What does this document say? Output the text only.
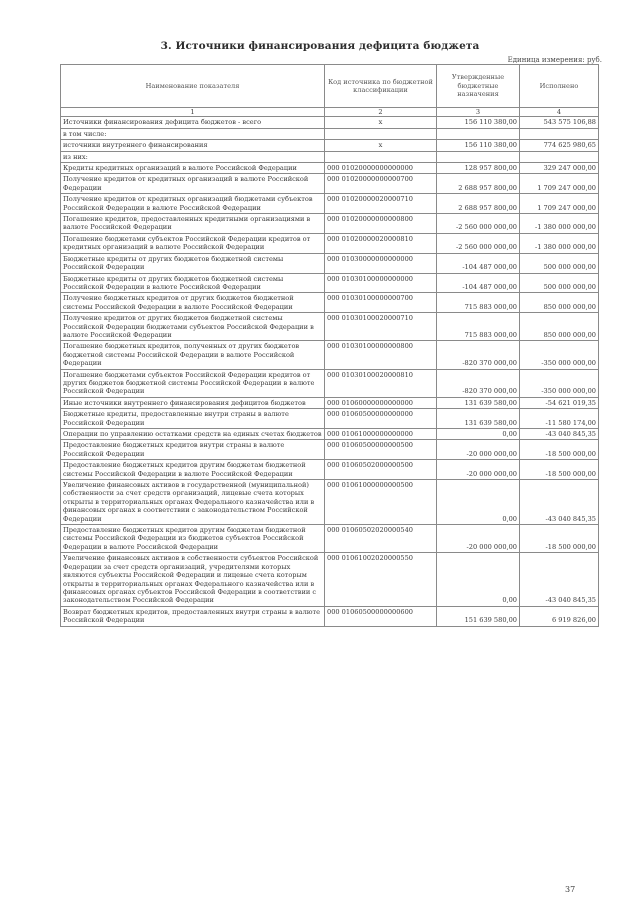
3. Источники финансирования дефицита бюджета
Единица измерения: руб.
Наименование показателя	Код источника по бюджетной классификации	Утвержденные бюджетные назначения	Исполнено
1	2	3	4
Источники финансирования дефицита бюджетов - всего	х	156 110 380,00	543 575 106,88
в том числе:			
источники внутреннего финансирования	х	156 110 380,00	774 625 980,65
из них:			
Кредиты кредитных организаций в валюте Российской Федерации	000 01020000000000000	128 957 800,00	329 247 000,00
Получение кредитов от кредитных организаций в валюте Российской Федерации	000 01020000000000700	2 688 957 800,00	1 709 247 000,00
Получение кредитов от кредитных организаций бюджетами субъектов Российской Федерации в валюте Российской Федерации	000 01020000020000710	2 688 957 800,00	1 709 247 000,00
Погашение кредитов, предоставленных кредитными организациями в валюте Российской Федерации	000 01020000000000800	-2 560 000 000,00	-1 380 000 000,00
Погашение бюджетами субъектов Российской Федерации кредитов от кредитных организаций в валюте Российской Федерации	000 01020000020000810	-2 560 000 000,00	-1 380 000 000,00
Бюджетные кредиты от других бюджетов бюджетной системы Российской Федерации	000 01030000000000000	-104 487 000,00	500 000 000,00
Бюджетные кредиты от других бюджетов бюджетной системы Российской Федерации в валюте Российской Федерации	000 01030100000000000	-104 487 000,00	500 000 000,00
Получение бюджетных кредитов от других бюджетов бюджетной системы Российской Федерации в валюте Российской Федерации	000 01030100000000700	715 883 000,00	850 000 000,00
Получение кредитов от других бюджетов бюджетной системы Российской Федерации бюджетами субъектов Российской Федерации в валюте Российской Федерации	000 01030100020000710	715 883 000,00	850 000 000,00
Погашение бюджетных кредитов, полученных от других бюджетов бюджетной системы Российской Федерации в валюте Российской Федерации	000 01030100000000800	-820 370 000,00	-350 000 000,00
Погашение бюджетами субъектов Российской Федерации кредитов от других бюджетов бюджетной системы Российской Федерации в валюте Российской Федерации	000 01030100020000810	-820 370 000,00	-350 000 000,00
Иные источники внутреннего финансирования дефицитов бюджетов	000 01060000000000000	131 639 580,00	-54 621 019,35
Бюджетные кредиты, предоставленные внутри страны в валюте Российской Федерации	000 01060500000000000	131 639 580,00	-11 580 174,00
Операции по управлению остатками средств на единых счетах бюджетов	000 01061000000000000	0,00	-43 040 845,35
Предоставление бюджетных кредитов внутри страны в валюте Российской Федерации	000 01060500000000500	-20 000 000,00	-18 500 000,00
Предоставление бюджетных кредитов другим бюджетам бюджетной системы Российской Федерации в валюте Российской Федерации	000 01060502000000500	-20 000 000,00	-18 500 000,00
Увеличение финансовых активов в государственной (муниципальной) собственности за счет средств организаций, лицевые счета которых открыты в территориальных органах Федерального казначейства или в финансовых органах в соответствии с законодательством Российской Федерации	000 01061000000000500	0,00	-43 040 845,35
Предоставление бюджетных кредитов другим бюджетам бюджетной системы Российской Федерации из бюджетов субъектов Российской Федерации в валюте Российской Федерации	000 01060502020000540	-20 000 000,00	-18 500 000,00
Увеличение финансовых активов в собственности субъектов Российской Федерации за счет средств организаций, учредителями которых являются субъекты Российской Федерации и лицевые счета которым открыты в территориальных органах Федерального казначейства или в финансовых органах субъектов Российской Федерации в соответствии с законодательством Российской Федерации	000 01061002020000550	0,00	-43 040 845,35
Возврат бюджетных кредитов, предоставленных внутри страны в валюте Российской Федерации	000 01060500000000600	151 639 580,00	6 919 826,00
37
